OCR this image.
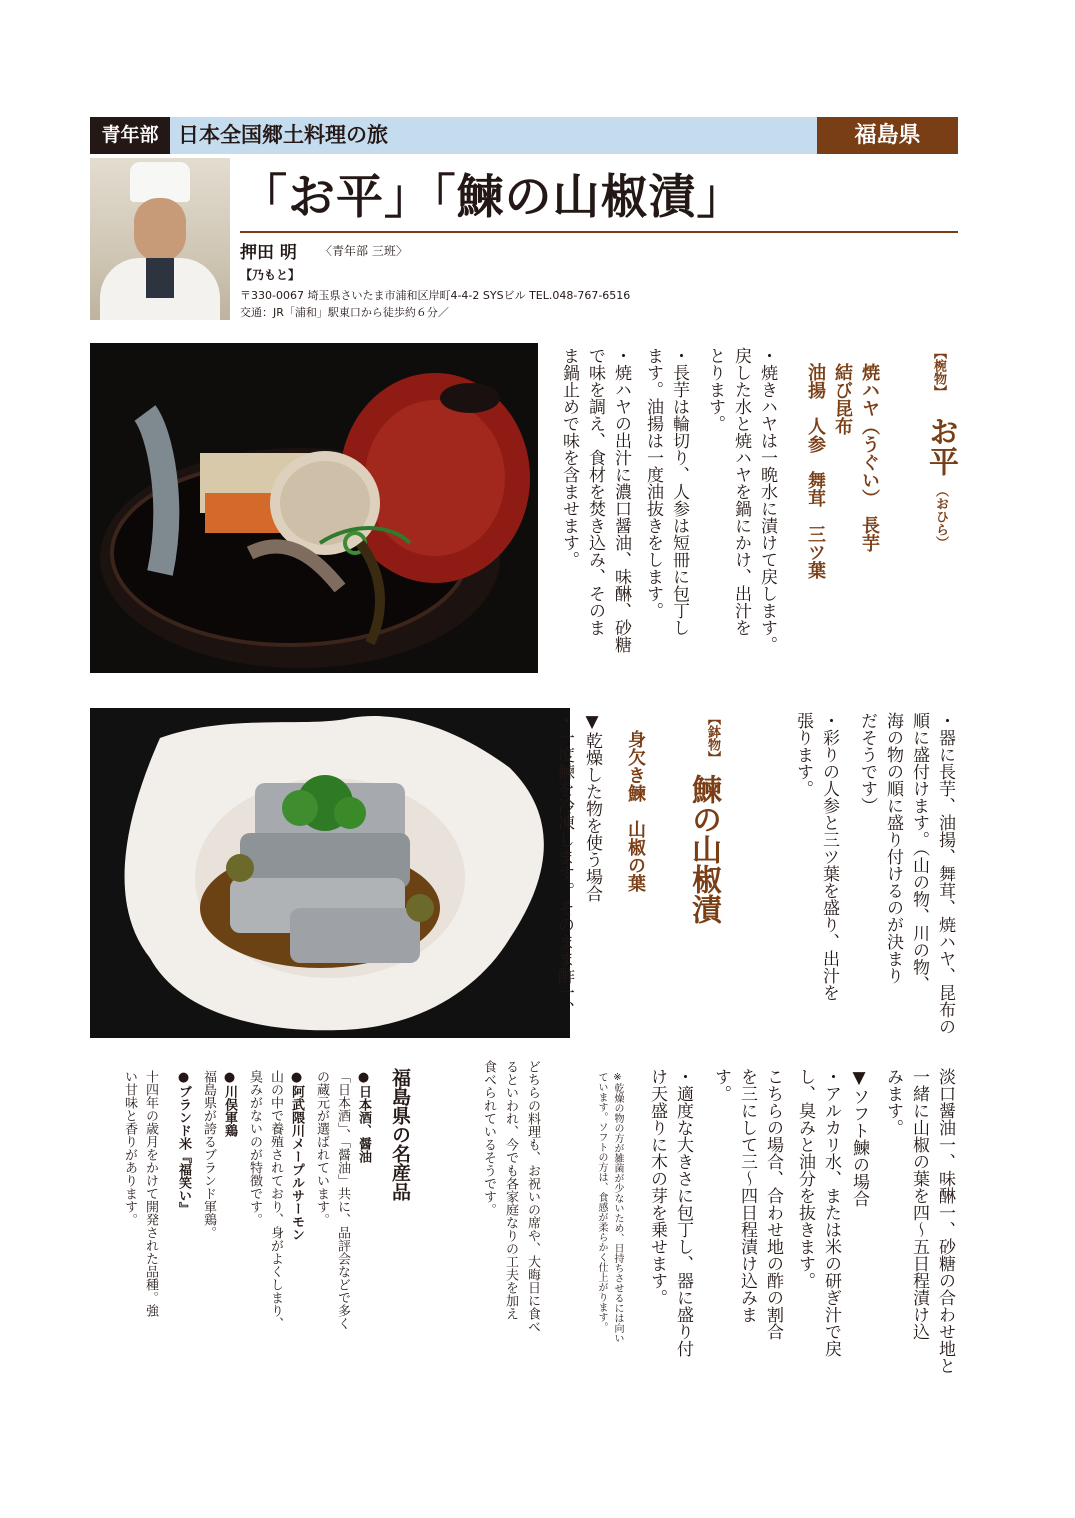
青年部 日本全国郷土料理の旅	福島県
「お平」「鰊の山椒漬」
押田 明 〈青年部 三班〉
【乃もと】
〒330-0067 埼玉県さいたま市浦和区岸町4-4-2 SYSビル TEL.048-767-6516
交通：JR「浦和」駅東口から徒歩約６分／
【椀物】
お平
（おひら）
焼ハヤ（うぐい）　長芋
結び昆布
油揚　人参　舞茸　三ツ葉
・焼きハヤは一晩水に漬けて戻します。
戻した水と焼ハヤを鍋にかけ、出汁を
とります。
・長芋は輪切り、人参は短冊に包丁し
ます。油揚は一度油抜きをします。
・焼ハヤの出汁に濃口醤油、味醂、砂糖
で味を調え、食材を焚き込み、そのま
ま鍋止めで味を含ませます。
・器に長芋、油揚、舞茸、焼ハヤ、昆布の
順に盛付けます。（山の物、川の物、
海の物の順に盛り付けるのが決まり
だそうです）
・彩りの人参と三ツ葉を盛り、出汁を
張ります。
【鉢物】
鰊の山椒漬
身欠き鰊　山椒の葉
▼乾燥した物を使う場合
・一度鰊を冷凍します。そのまま酢一、
淡口醤油一、味醂一、砂糖の合わせ地と
一緒に山椒の葉を四〜五日程漬け込
みます。
▼ソフト鰊の場合
・アルカリ水、または米の研ぎ汁で戻
し、臭みと油分を抜きます。
こちらの場合、合わせ地の酢の割合
を三にして三〜四日程漬け込みま
す。
・適度な大きさに包丁し、器に盛り付
け天盛りに木の芽を乗せます。
※乾燥の物の方が雑菌が少ないため、日持ちさせるには向い
ています。ソフトの方は、食感が柔らかく仕上がります。
どちらの料理も、お祝いの席や、大晦日に食べ
るといわれ、今でも各家庭なりの工夫を加え
食べられているそうです。
福島県の名産品
●日本酒、醤油
「日本酒」、「醤油」共に、品評会などで多く
の蔵元が選ばれています。
●阿武隈川メープルサーモン
山の中で養殖されており、身がよくしまり、
臭みがないのが特徴です。
●川俣軍鶏
福島県が誇るブランド軍鶏。
●ブランド米『福笑い』
十四年の歳月をかけて開発された品種。強
い甘味と香りがあります。
